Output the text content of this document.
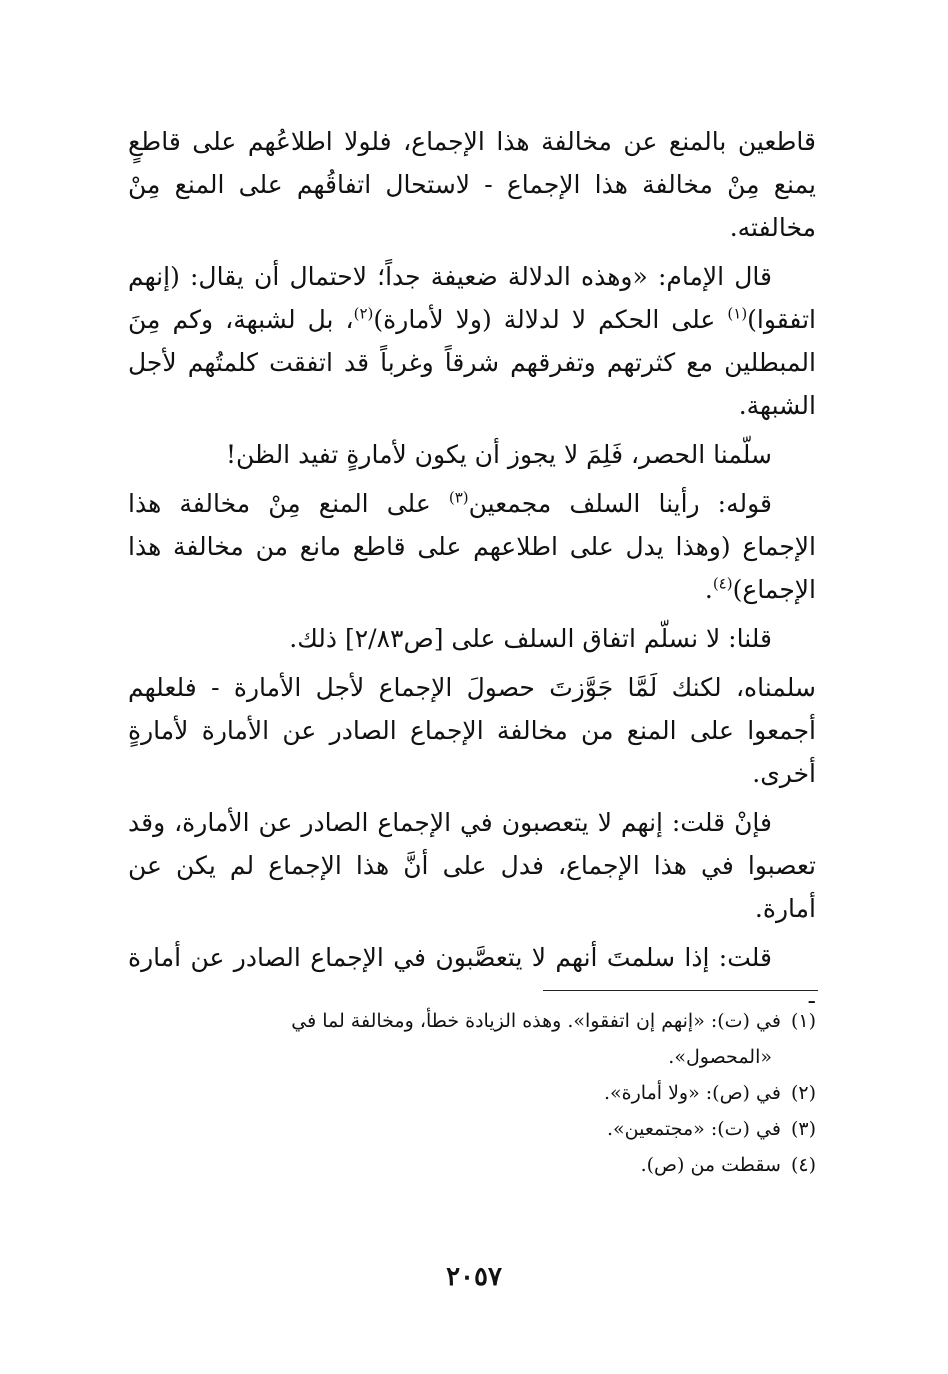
قاطعين بالمنع عن مخالفة هذا الإجماع، فلولا اطلاعُهم على قاطعٍ يمنع مِنْ مخالفة هذا الإجماع - لاستحال اتفاقُهم على المنع مِنْ مخالفته.

قال الإمام: «وهذه الدلالة ضعيفة جداً؛ لاحتمال أن يقال: (إنهم اتفقوا)$^{(١)}$ على الحكم لا لدلالة (ولا لأمارة)$^{(٢)}$، بل لشبهة، وكم مِنَ المبطلين مع كثرتهم وتفرقهم شرقاً وغرباً قد اتفقت كلمتُهم لأجل الشبهة.

سلّمنا الحصر، فَلِمَ لا يجوز أن يكون لأمارةٍ تفيد الظن!

قوله: رأينا السلف مجمعين$^{(٣)}$ على المنع مِنْ مخالفة هذا الإجماع (وهذا يدل على اطلاعهم على قاطع مانع من مخالفة هذا الإجماع)$^{(٤)}$.

قلنا: لا نسلّم اتفاق السلف على [ص٢/٨٣] ذلك.

سلمناه، لكنك لَمَّا جَوَّزتَ حصولَ الإجماع لأجل الأمارة - فلعلهم أجمعوا على المنع من مخالفة الإجماع الصادر عن الأمارة لأمارةٍ أخرى.

فإنْ قلت: إنهم لا يتعصبون في الإجماع الصادر عن الأمارة، وقد تعصبوا في هذا الإجماع، فدل على أنَّ هذا الإجماع لم يكن عن أمارة.

قلت: إذا سلمتَ أنهم لا يتعصَّبون في الإجماع الصادر عن أمارة -

(١)في (ت): «إنهم إن اتفقوا». وهذه الزيادة خطأ، ومخالفة لما في
«المحصول».

(٢)في (ص): «ولا أمارة».

(٣)في (ت): «مجتمعين».

(٤)سقطت من (ص).

٢٠٥٧
